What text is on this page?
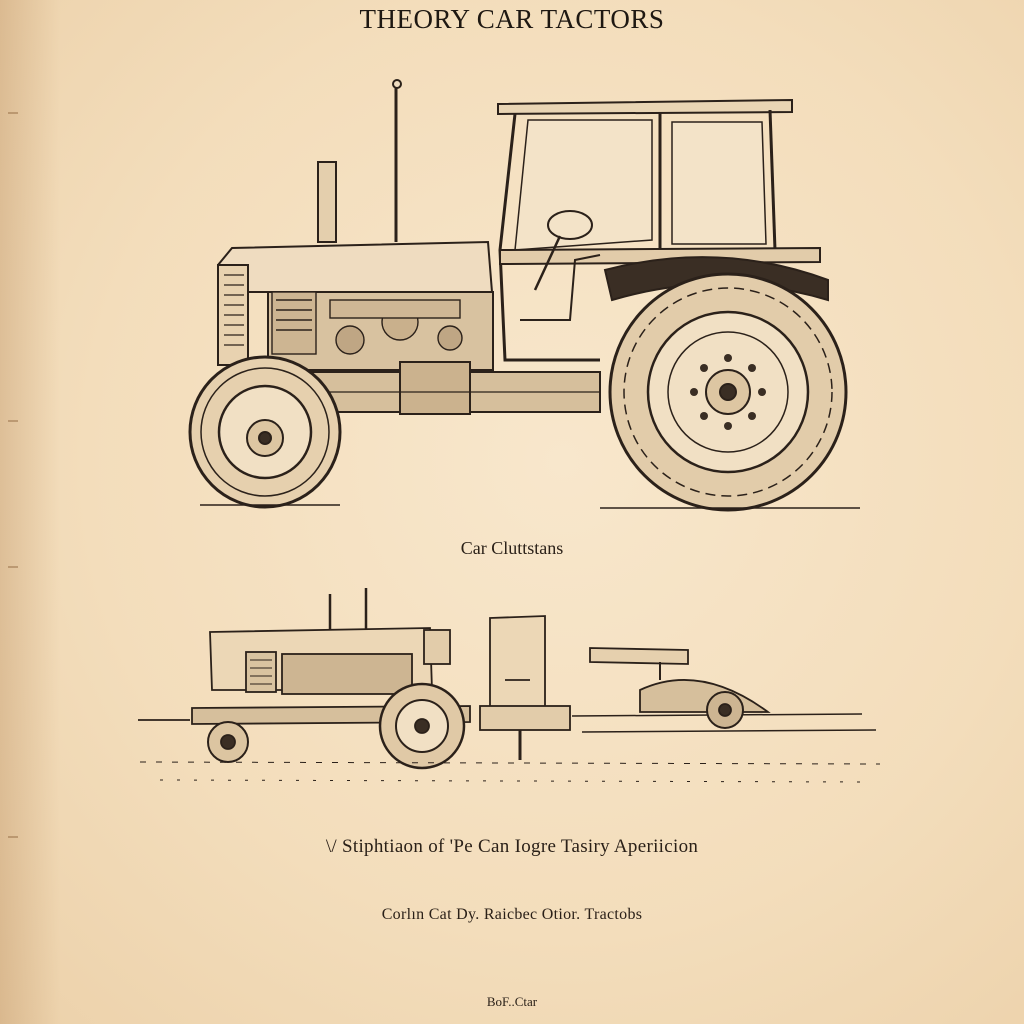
THEORY CAR TACTORS
Car Cluttstans
\/ Stiphtiaon of 'Pe Can Iogre Tasiry Aperiicion
Corlın Cat Dy. Raicbec Otior. Tractobs
BoF..Ctar
